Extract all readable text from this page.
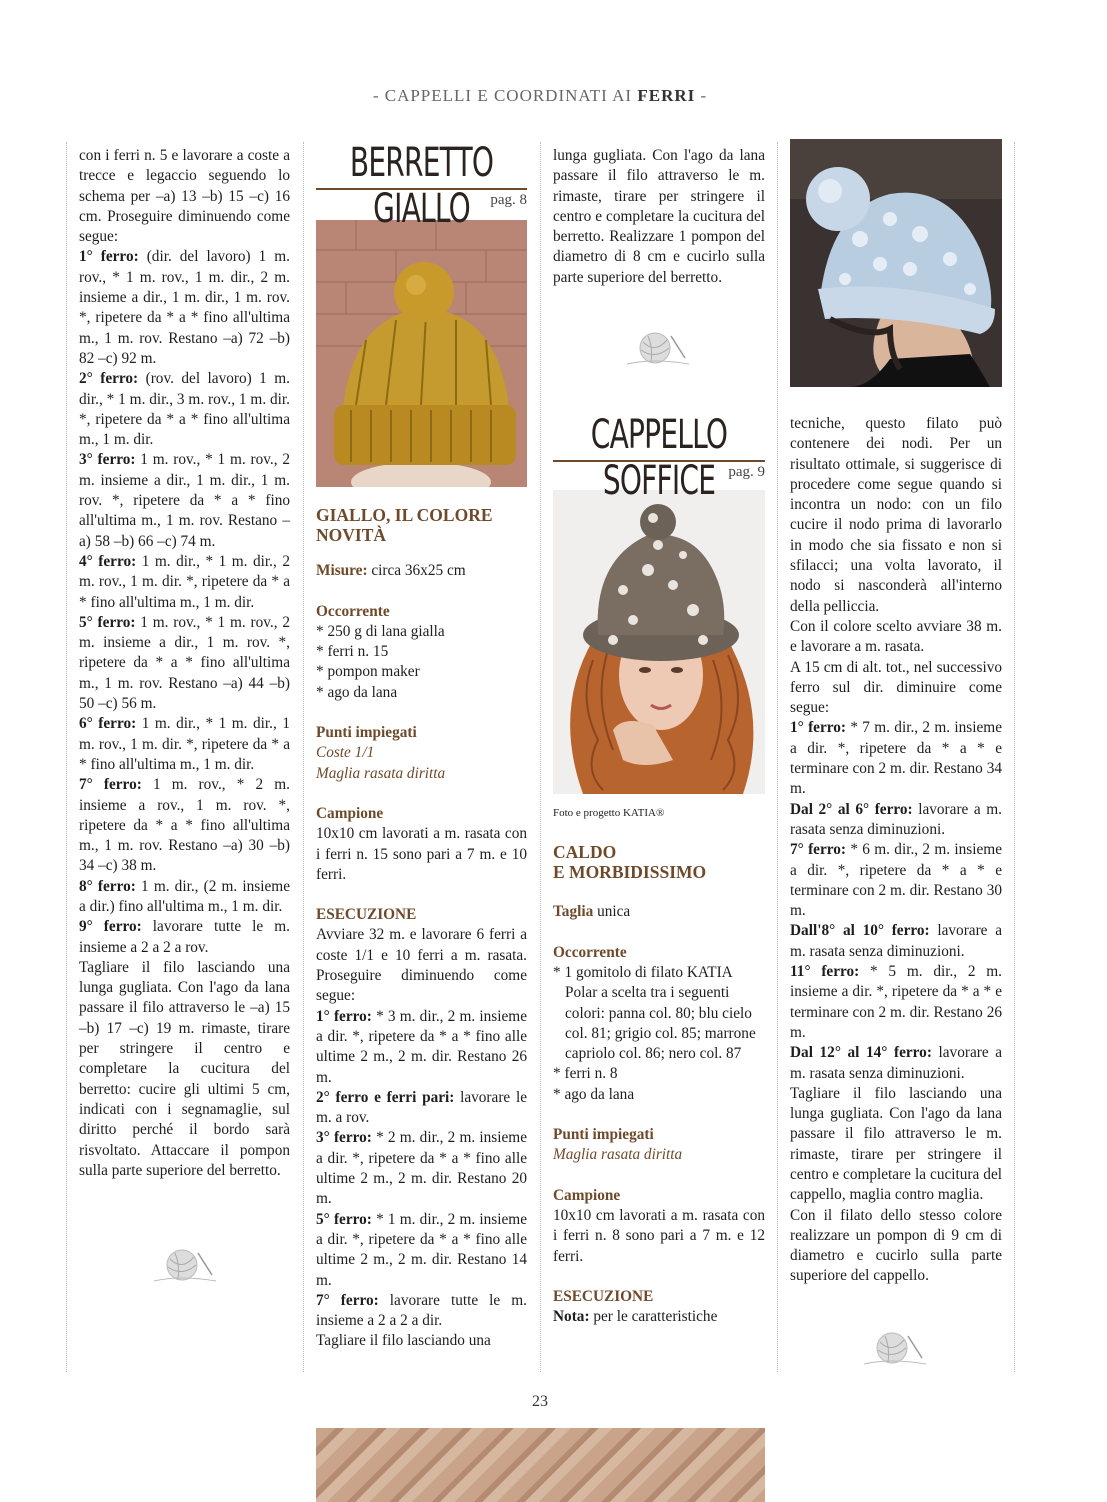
- CAPPELLI E COORDINATI AI FERRI -

con i ferri n. 5 e lavorare a coste a trecce e legaccio seguendo lo schema per –a) 13 –b) 15 –c) 16 cm. Proseguire diminuendo come segue:

1° ferro: (dir. del lavoro) 1 m. rov., * 1 m. rov., 1 m. dir., 2 m. insieme a dir., 1 m. dir., 1 m. rov. *, ripetere da * a * fino all'ultima m., 1 m. rov. Restano –a) 72 –b) 82 –c) 92 m.

2° ferro: (rov. del lavoro) 1 m. dir., * 1 m. dir., 3 m. rov., 1 m. dir. *, ripetere da * a * fino all'ultima m., 1 m. dir.

3° ferro: 1 m. rov., * 1 m. rov., 2 m. insieme a dir., 1 m. dir., 1 m. rov. *, ripetere da * a * fino all'ultima m., 1 m. rov. Restano –a) 58 –b) 66 –c) 74 m.

4° ferro: 1 m. dir., * 1 m. dir., 2 m. rov., 1 m. dir. *, ripetere da * a * fino all'ultima m., 1 m. dir.

5° ferro: 1 m. rov., * 1 m. rov., 2 m. insieme a dir., 1 m. rov. *, ripetere da * a * fino all'ultima m., 1 m. rov. Restano –a) 44 –b) 50 –c) 56 m.

6° ferro: 1 m. dir., * 1 m. dir., 1 m. rov., 1 m. dir. *, ripetere da * a * fino all'ultima m., 1 m. dir.

7° ferro: 1 m. rov., * 2 m. insieme a rov., 1 m. rov. *, ripetere da * a * fino all'ultima m., 1 m. rov. Restano –a) 30 –b) 34 –c) 38 m.

8° ferro: 1 m. dir., (2 m. insieme a dir.) fino all'ultima m., 1 m. dir.

9° ferro: lavorare tutte le m. insieme a 2 a 2 a rov.

Tagliare il filo lasciando una lunga gugliata. Con l'ago da lana passare il filo attraverso le –a) 15 –b) 17 –c) 19 m. rimaste, tirare per stringere il centro e completare la cucitura del berretto: cucire gli ultimi 5 cm, indicati con i segnamaglie, sul diritto perché il bordo sarà risvoltato. Attaccare il pompon sulla parte superiore del berretto.

BERRETTO GIALLO	pag. 8
GIALLO, IL COLORE NOVITÀ

Misure: circa 36x25 cm

Occorrente

* 250 g di lana gialla

* ferri n. 15

* pompon maker

* ago da lana

Punti impiegati

Coste 1/1

Maglia rasata diritta

Campione

10x10 cm lavorati a m. rasata con i ferri n. 15 sono pari a 7 m. e 10 ferri.

ESECUZIONE

Avviare 32 m. e lavorare 6 ferri a coste 1/1 e 10 ferri a m. rasata. Proseguire diminuendo come segue:

1° ferro: * 3 m. dir., 2 m. insieme a dir. *, ripetere da * a * fino alle ultime 2 m., 2 m. dir. Restano 26 m.

2° ferro e ferri pari: lavorare le m. a rov.

3° ferro: * 2 m. dir., 2 m. insieme a dir. *, ripetere da * a * fino alle ultime 2 m., 2 m. dir. Restano 20 m.

5° ferro: * 1 m. dir., 2 m. insieme a dir. *, ripetere da * a * fino alle ultime 2 m., 2 m. dir. Restano 14 m.

7° ferro: lavorare tutte le m. insieme a 2 a 2 a dir.

Tagliare il filo lasciando una

lunga gugliata. Con l'ago da lana passare il filo attraverso le m. rimaste, tirare per stringere il centro e completare la cucitura del berretto. Realizzare 1 pompon del diametro di 8 cm e cucirlo sulla parte superiore del berretto.

CAPPELLO SOFFICE pag. 9

Foto e progetto KATIA®

CALDO
E MORBIDISSIMO

Taglia unica

Occorrente

* 1 gomitolo di filato KATIA Polar a scelta tra i seguenti colori: panna col. 80; blu cielo col. 81; grigio col. 85; marrone capriolo col. 86; nero col. 87

* ferri n. 8

* ago da lana

Punti impiegati

Maglia rasata diritta

Campione

10x10 cm lavorati a m. rasata con i ferri n. 8 sono pari a 7 m. e 12 ferri.

ESECUZIONE

Nota: per le caratteristiche

tecniche, questo filato può contenere dei nodi. Per un risultato ottimale, si suggerisce di procedere come segue quando si incontra un nodo: con un filo cucire il nodo prima di lavorarlo in modo che sia fissato e non si sfilacci; una volta lavorato, il nodo si nasconderà all'interno della pelliccia.

Con il colore scelto avviare 38 m. e lavorare a m. rasata.

A 15 cm di alt. tot., nel successivo ferro sul dir. diminuire come segue:

1° ferro: * 7 m. dir., 2 m. insieme a dir. *, ripetere da * a * e terminare con 2 m. dir. Restano 34 m.

Dal 2° al 6° ferro: lavorare a m. rasata senza diminuzioni.

7° ferro: * 6 m. dir., 2 m. insieme a dir. *, ripetere da * a * e terminare con 2 m. dir. Restano 30 m.

Dall'8° al 10° ferro: lavorare a m. rasata senza diminuzioni.

11° ferro: * 5 m. dir., 2 m. insieme a dir. *, ripetere da * a * e terminare con 2 m. dir. Restano 26 m.

Dal 12° al 14° ferro: lavorare a m. rasata senza diminuzioni.

Tagliare il filo lasciando una lunga gugliata. Con l'ago da lana passare il filo attraverso le m. rimaste, tirare per stringere il centro e completare la cucitura del cappello, maglia contro maglia.

Con il filato dello stesso colore realizzare un pompon di 9 cm di diametro e cucirlo sulla parte superiore del cappello.

23
